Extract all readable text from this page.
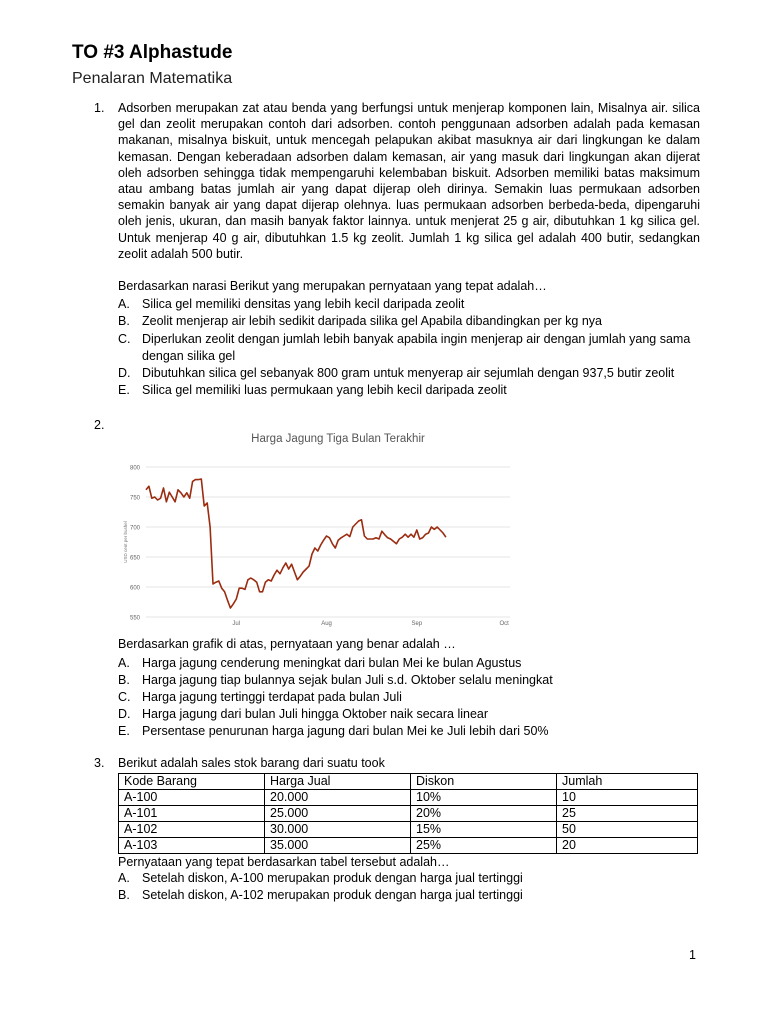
TO #3 Alphastude
Penalaran Matematika
1. Adsorben merupakan zat atau benda yang berfungsi untuk menjerap komponen lain, Misalnya air. silica gel dan zeolit merupakan contoh dari adsorben. contoh penggunaan adsorben adalah pada kemasan makanan, misalnya biskuit, untuk mencegah pelapukan akibat masuknya air dari lingkungan ke dalam kemasan. Dengan keberadaan adsorben dalam kemasan, air yang masuk dari lingkungan akan dijerat oleh adsorben sehingga tidak mempengaruhi kelembaban biskuit. Adsorben memiliki batas maksimum atau ambang batas jumlah air yang dapat dijerap oleh dirinya. Semakin luas permukaan adsorben semakin banyak air yang dapat dijerap olehnya. luas permukaan adsorben berbeda-beda, dipengaruhi oleh jenis, ukuran, dan masih banyak faktor lainnya. untuk menjerat 25 g air, dibutuhkan 1 kg silica gel. Untuk menjerap 40 g air, dibutuhkan 1.5 kg zeolit. Jumlah 1 kg silica gel adalah 400 butir, sedangkan zeolit adalah 500 butir.

Berdasarkan narasi Berikut yang merupakan pernyataan yang tepat adalah…
A. Silica gel memiliki densitas yang lebih kecil daripada zeolit
B. Zeolit menjerap air lebih sedikit daripada silika gel Apabila dibandingkan per kg nya
C. Diperlukan zeolit dengan jumlah lebih banyak apabila ingin menjerap air dengan jumlah yang sama dengan silika gel
D. Dibutuhkan silica gel sebanyak 800 gram untuk menyerap air sejumlah dengan 937,5 butir zeolit
E. Silica gel memiliki luas permukaan yang lebih kecil daripada zeolit
2.
Harga Jagung Tiga Bulan Terakhir
550
600
650
700
750
800
Jul	Aug	Sep	Oct
USD cent per bushel
Berdasarkan grafik di atas, pernyataan yang benar adalah …
A. Harga jagung cenderung meningkat dari bulan Mei ke bulan Agustus
B. Harga jagung tiap bulannya sejak bulan Juli s.d. Oktober selalu meningkat
C. Harga jagung tertinggi terdapat pada bulan Juli
D. Harga jagung dari bulan Juli hingga Oktober naik secara linear
E. Persentase penurunan harga jagung dari bulan Mei ke Juli lebih dari 50%
3. Berikut adalah sales stok barang dari suatu took
Kode Barang	Harga Jual	Diskon	Jumlah
A-100	20.000	10%	10
A-101	25.000	20%	25
A-102	30.000	15%	50
A-103	35.000	25%	20
Pernyataan yang tepat berdasarkan tabel tersebut adalah…
A. Setelah diskon, A-100 merupakan produk dengan harga jual tertinggi
B. Setelah diskon, A-102 merupakan produk dengan harga jual tertinggi
1
